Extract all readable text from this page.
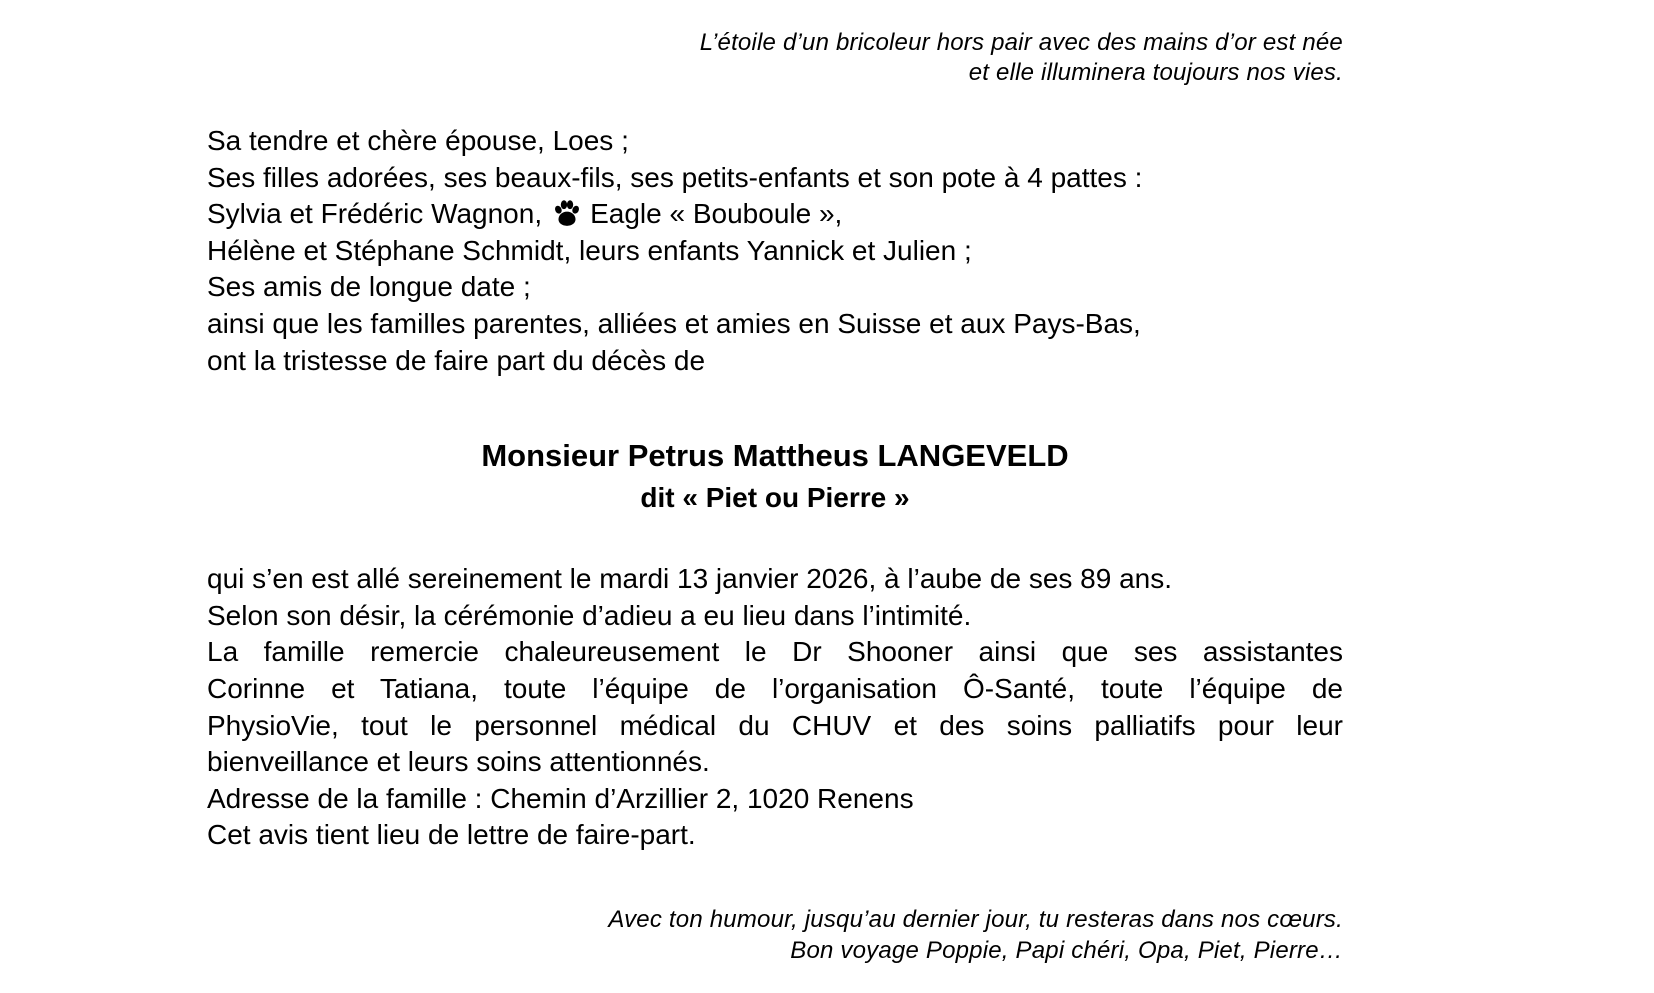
L’étoile d’un bricoleur hors pair avec des mains d’or est née
et elle illuminera toujours nos vies.
Sa tendre et chère épouse, Loes ;
Ses filles adorées, ses beaux-fils, ses petits-enfants et son pote à 4 pattes :
Sylvia et Frédéric Wagnon, Eagle « Bouboule »,
Hélène et Stéphane Schmidt, leurs enfants Yannick et Julien ;
Ses amis de longue date ;
ainsi que les familles parentes, alliées et amies en Suisse et aux Pays-Bas,
ont la tristesse de faire part du décès de
Monsieur Petrus Mattheus LANGEVELD
dit « Piet ou Pierre »
qui s’en est allé sereinement le mardi 13 janvier 2026, à l’aube de ses 89 ans.
Selon son désir, la cérémonie d’adieu a eu lieu dans l’intimité.
La famille remercie chaleureusement le Dr Shooner ainsi que ses assistantes
Corinne et Tatiana, toute l’équipe de l’organisation Ô-Santé, toute l’équipe de
PhysioVie, tout le personnel médical du CHUV et des soins palliatifs pour leur
bienveillance et leurs soins attentionnés.
Adresse de la famille : Chemin d’Arzillier 2, 1020 Renens
Cet avis tient lieu de lettre de faire-part.
Avec ton humour, jusqu’au dernier jour, tu resteras dans nos cœurs.
Bon voyage Poppie, Papi chéri, Opa, Piet, Pierre…
